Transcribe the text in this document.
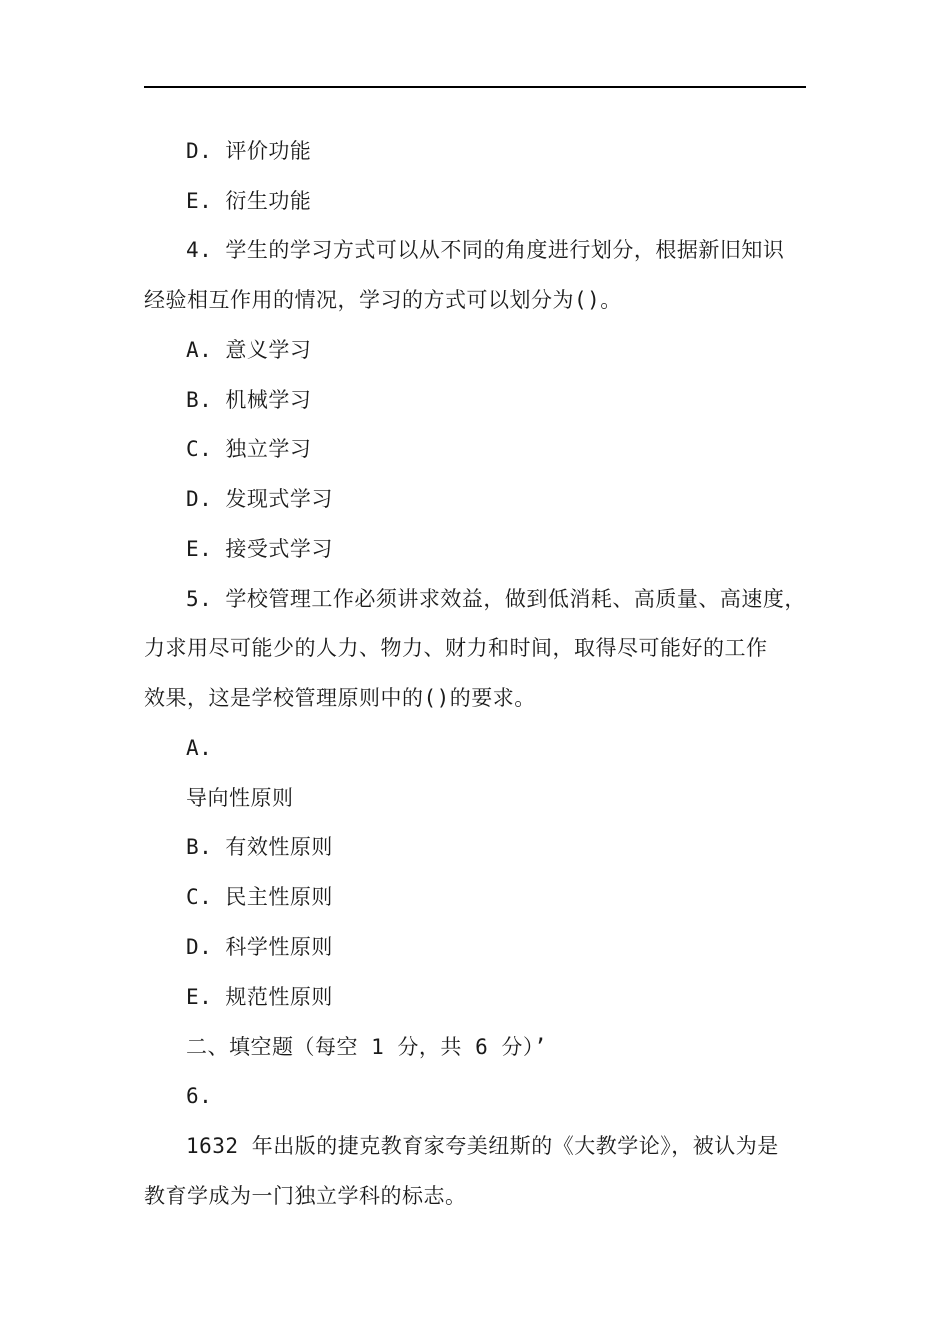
D. 评价功能
E. 衍生功能
4. 学生的学习方式可以从不同的角度进行划分，根据新旧知识
经验相互作用的情况，学习的方式可以划分为()。
A. 意义学习
B. 机械学习
C. 独立学习
D. 发现式学习
E. 接受式学习
5. 学校管理工作必须讲求效益，做到低消耗、高质量、高速度，
力求用尽可能少的人力、物力、财力和时间，取得尽可能好的工作
效果，这是学校管理原则中的()的要求。
A.
导向性原则
B. 有效性原则
C. 民主性原则
D. 科学性原则
E. 规范性原则
二、填空题（每空 1 分，共 6 分）’
6.
1632 年出版的捷克教育家夸美纽斯的《大教学论》，被认为是
教育学成为一门独立学科的标志。
